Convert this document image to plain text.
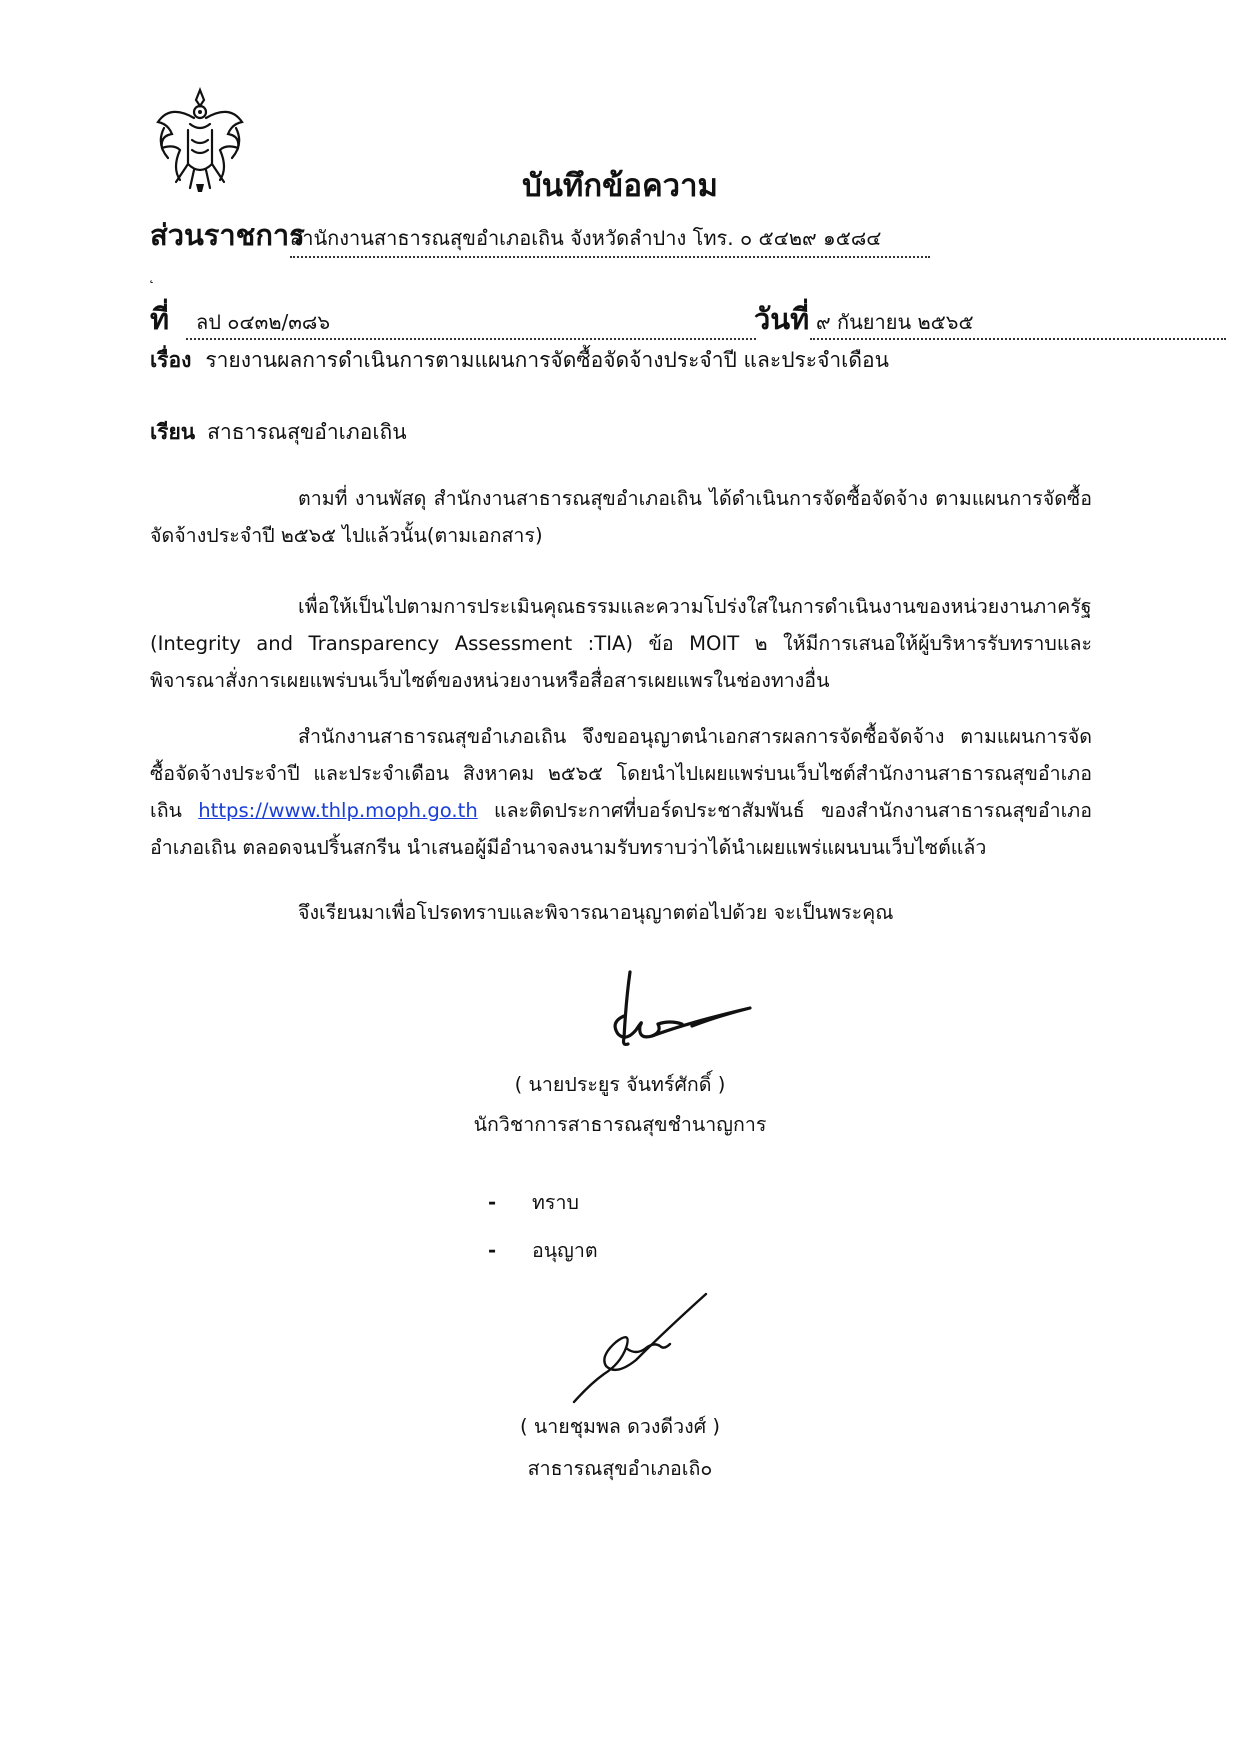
บันทึกข้อความ
ส่วนราชการ
สำนักงานสาธารณสุขอำเภอเถิน จังหวัดลำปาง โทร. ๐ ๕๔๒๙ ๑๕๘๔
˛
ที่	ลป ๐๔๓๒/๓๘๖	วันที่ ๙ กันยายน ๒๕๖๕
เรื่อง รายงานผลการดำเนินการตามแผนการจัดซื้อจัดจ้างประจำปี และประจำเดือน
เรียน สาธารณสุขอำเภอเถิน
ตามที่ งานพัสดุ สำนักงานสาธารณสุขอำเภอเถิน ได้ดำเนินการจัดซื้อจัดจ้าง ตามแผนการจัดซื้อจัดจ้างประจำปี ๒๕๖๕ ไปแล้วนั้น(ตามเอกสาร)
เพื่อให้เป็นไปตามการประเมินคุณธรรมและความโปร่งใสในการดำเนินงานของหน่วยงานภาครัฐ (Integrity and Transparency Assessment :TIA) ข้อ MOIT ๒ ให้มีการเสนอให้ผู้บริหารรับทราบและพิจารณาสั่งการเผยแพร่บนเว็บไซต์ของหน่วยงานหรือสื่อสารเผยแพรในช่องทางอื่น
สำนักงานสาธารณสุขอำเภอเถิน จึงขออนุญาตนำเอกสารผลการจัดซื้อจัดจ้าง ตามแผนการจัดซื้อจัดจ้างประจำปี และประจำเดือน สิงหาคม ๒๕๖๕ โดยนำไปเผยแพร่บนเว็บไซต์สำนักงานสาธารณสุขอำเภอเถิน https://www.thlp.moph.go.th และติดประกาศที่บอร์ดประชาสัมพันธ์ ของสำนักงานสาธารณสุขอำเภออำเภอเถิน ตลอดจนปริ้นสกรีน นำเสนอผู้มีอำนาจลงนามรับทราบว่าได้นำเผยแพร่แผนบนเว็บไซต์แล้ว
จึงเรียนมาเพื่อโปรดทราบและพิจารณาอนุญาตต่อไปด้วย จะเป็นพระคุณ
( นายประยูร จันทร์ศักดิ์ )
นักวิชาการสาธารณสุขชำนาญการ
- ทราบ
- อนุญาต
( นายชุมพล ดวงดีวงศ์ )
สาธารณสุขอำเภอเถิ๐
